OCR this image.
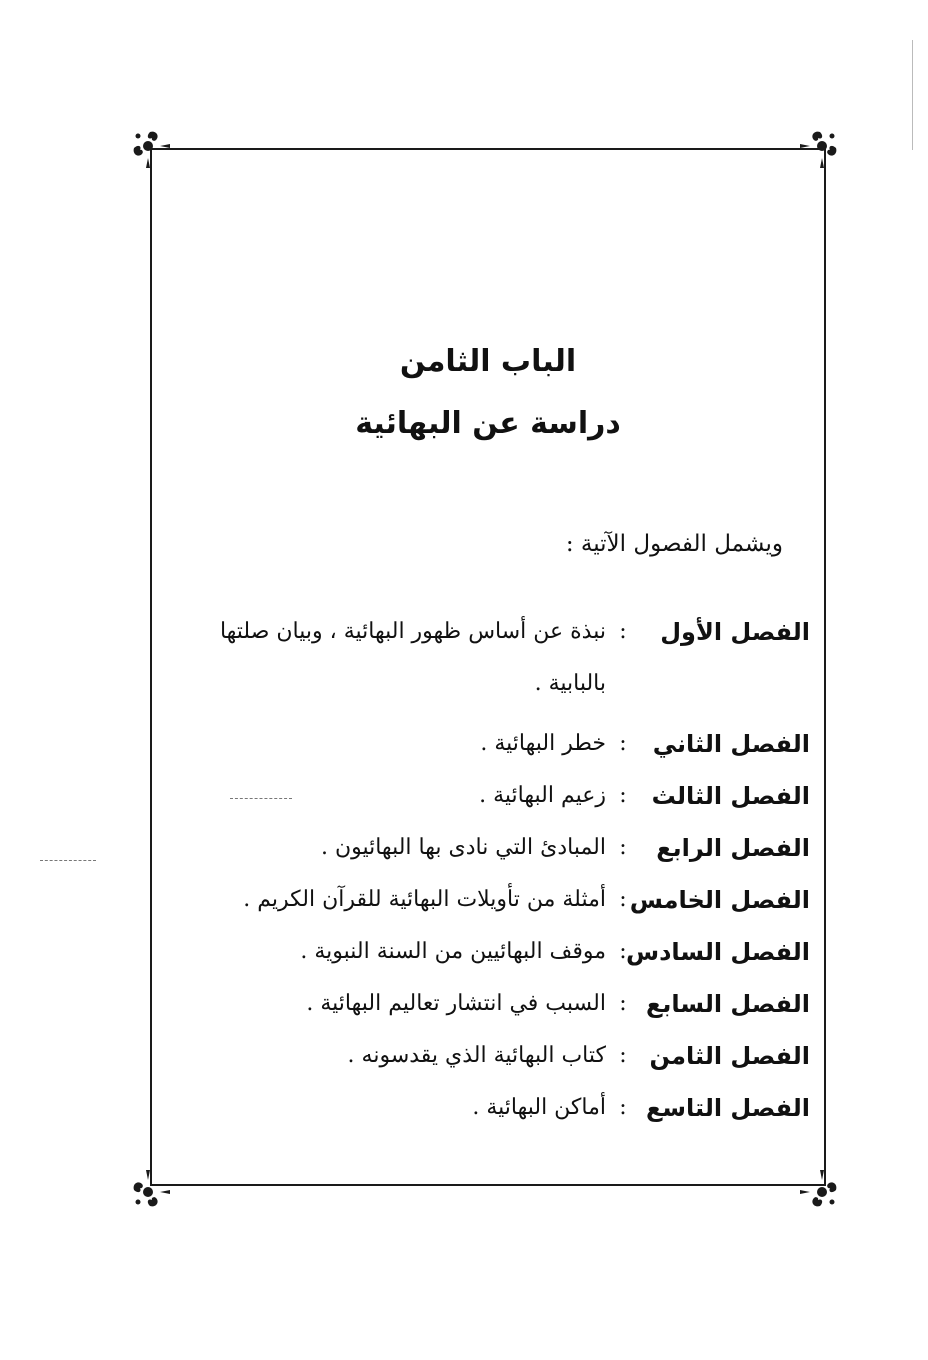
الباب الثامن
دراسة عن البهائية
ويشمل الفصول الآتية :
الفصل الأول
:
نبذة عن أساس ظهور البهائية ، وبيان صلتها بالبابية .
الفصل الثاني
:
خطر البهائية .
الفصل الثالث
:
زعيم البهائية .
الفصل الرابع
:
المبادئ التي نادى بها البهائيون .
الفصل الخامس
:
أمثلة من تأويلات البهائية للقرآن الكريم .
الفصل السادس
:
موقف البهائيين من السنة النبوية .
الفصل السابع
:
السبب في انتشار تعاليم البهائية .
الفصل الثامن
:
كتاب البهائية الذي يقدسونه .
الفصل التاسع
:
أماكن البهائية .
